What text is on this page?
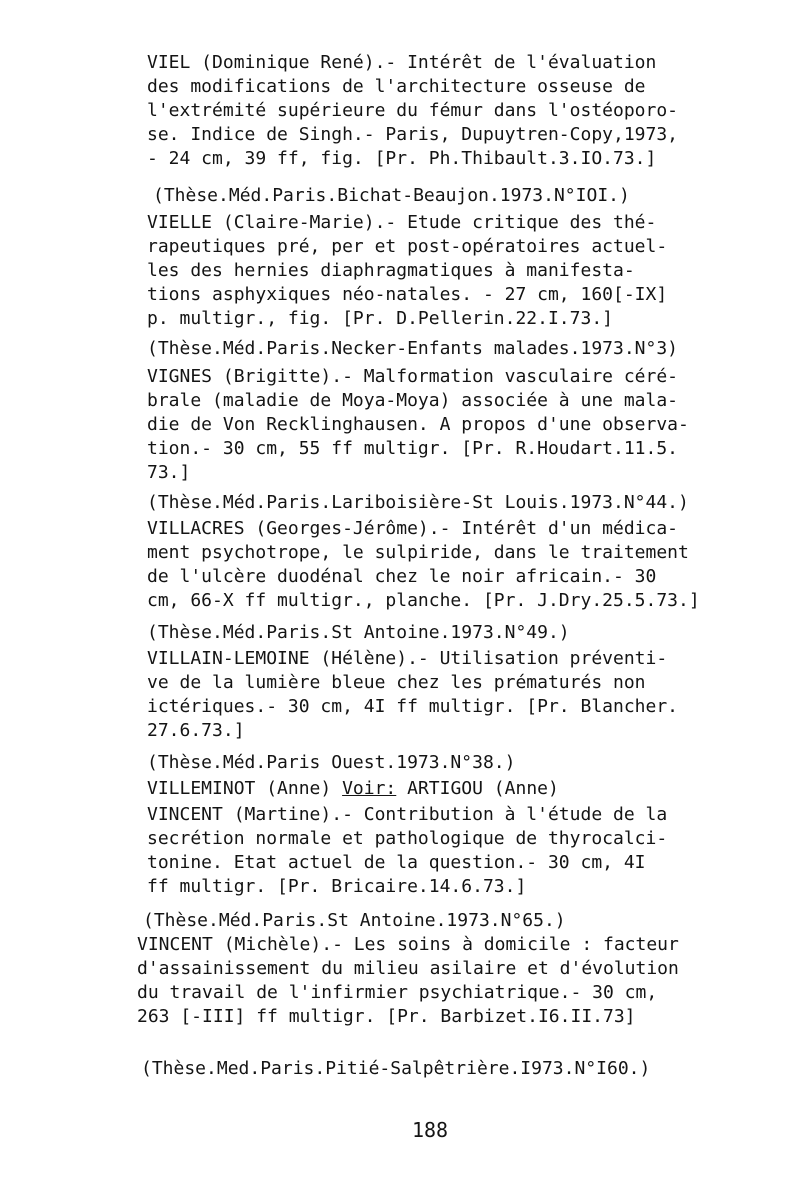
VIEL (Dominique René).- Intérêt de l'évaluation
des modifications de l'architecture osseuse de
l'extrémité supérieure du fémur dans l'ostéoporo-
se. Indice de Singh.- Paris, Dupuytren-Copy,1973,
- 24 cm, 39 ff, fig. [Pr. Ph.Thibault.3.IO.73.]
(Thèse.Méd.Paris.Bichat-Beaujon.1973.N°IOI.)
VIELLE (Claire-Marie).- Etude critique des thé-
rapeutiques pré, per et post-opératoires actuel-
les des hernies diaphragmatiques à manifesta-
tions asphyxiques néo-natales. - 27 cm, 160[-IX]
p. multigr., fig. [Pr. D.Pellerin.22.I.73.]
(Thèse.Méd.Paris.Necker-Enfants malades.1973.N°3)
VIGNES (Brigitte).- Malformation vasculaire céré-
brale (maladie de Moya-Moya) associée à une mala-
die de Von Recklinghausen. A propos d'une observa-
tion.- 30 cm, 55 ff multigr. [Pr. R.Houdart.11.5.
73.]
(Thèse.Méd.Paris.Lariboisière-St Louis.1973.N°44.)
VILLACRES (Georges-Jérôme).- Intérêt d'un médica-
ment psychotrope, le sulpiride, dans le traitement
de l'ulcère duodénal chez le noir africain.- 30
cm, 66-X ff multigr., planche. [Pr. J.Dry.25.5.73.]
(Thèse.Méd.Paris.St Antoine.1973.N°49.)
VILLAIN-LEMOINE (Hélène).- Utilisation préventi-
ve de la lumière bleue chez les prématurés non
ictériques.- 30 cm, 4I ff multigr. [Pr. Blancher.
27.6.73.]
(Thèse.Méd.Paris Ouest.1973.N°38.)
VILLEMINOT (Anne) Voir: ARTIGOU (Anne)
VINCENT (Martine).- Contribution à l'étude de la
secrétion normale et pathologique de thyrocalci-
tonine. Etat actuel de la question.- 30 cm, 4I
ff multigr. [Pr. Bricaire.14.6.73.]
(Thèse.Méd.Paris.St Antoine.1973.N°65.)
VINCENT (Michèle).- Les soins à domicile : facteur
d'assainissement du milieu asilaire et d'évolution
du travail de l'infirmier psychiatrique.- 30 cm,
263 [-III] ff multigr. [Pr. Barbizet.I6.II.73]
(Thèse.Med.Paris.Pitié-Salpêtrière.I973.N°I60.)
188
